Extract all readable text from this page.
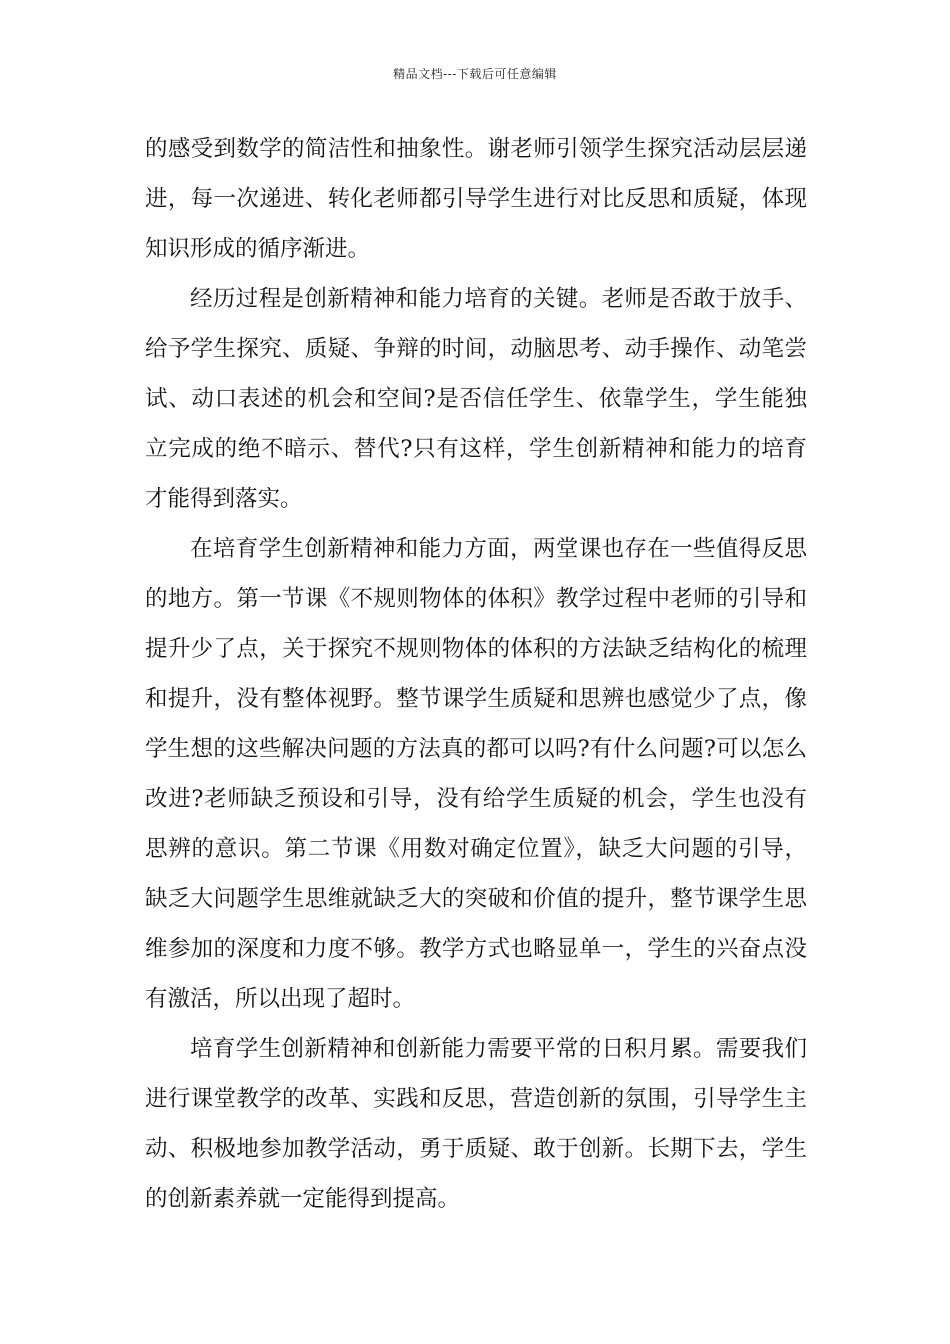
精品文档---下载后可任意编辑

的感受到数学的简洁性和抽象性。谢老师引领学生探究活动层层递进，每一次递进、转化老师都引导学生进行对比反思和质疑，体现知识形成的循序渐进。

经历过程是创新精神和能力培育的关键。老师是否敢于放手、给予学生探究、质疑、争辩的时间，动脑思考、动手操作、动笔尝试、动口表述的机会和空间?是否信任学生、依靠学生，学生能独立完成的绝不暗示、替代?只有这样，学生创新精神和能力的培育才能得到落实。

在培育学生创新精神和能力方面，两堂课也存在一些值得反思的地方。第一节课《不规则物体的体积》教学过程中老师的引导和提升少了点，关于探究不规则物体的体积的方法缺乏结构化的梳理和提升，没有整体视野。整节课学生质疑和思辨也感觉少了点，像学生想的这些解决问题的方法真的都可以吗?有什么问题?可以怎么改进?老师缺乏预设和引导，没有给学生质疑的机会，学生也没有思辨的意识。第二节课《用数对确定位置》，缺乏大问题的引导，缺乏大问题学生思维就缺乏大的突破和价值的提升，整节课学生思维参加的深度和力度不够。教学方式也略显单一，学生的兴奋点没有激活，所以出现了超时。

培育学生创新精神和创新能力需要平常的日积月累。需要我们进行课堂教学的改革、实践和反思，营造创新的氛围，引导学生主动、积极地参加教学活动，勇于质疑、敢于创新。长期下去，学生的创新素养就一定能得到提高。
